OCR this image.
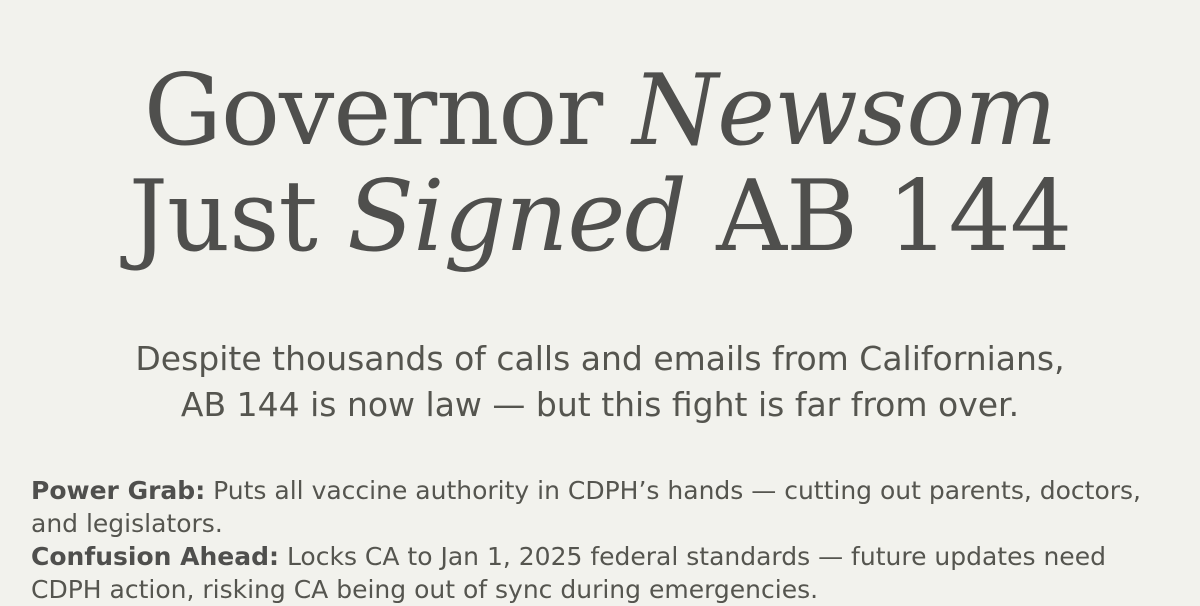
Governor Newsom
Just Signed AB 144
Despite thousands of calls and emails from Californians,
AB 144 is now law — but this fight is far from over.

Power Grab: Puts all vaccine authority in CDPH’s hands — cutting out parents, doctors, and legislators.

Confusion Ahead: Locks CA to Jan 1, 2025 federal standards — future updates need CDPH action, risking CA being out of sync during emergencies.
